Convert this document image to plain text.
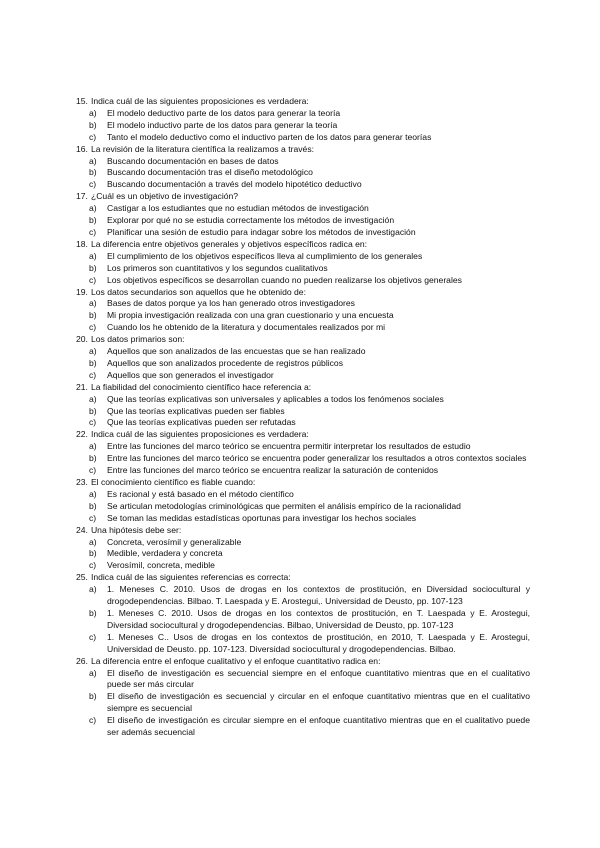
15. Indica cuál de las siguientes proposiciones es verdadera:
a)	El modelo deductivo parte de los datos para generar la teoría
b)	El modelo inductivo parte de los datos para generar la teoría
c)	Tanto el modelo deductivo como el inductivo parten de los datos para generar teorías
16. La revisión de la literatura científica la realizamos a través:
a)	Buscando documentación en bases de datos
b)	Buscando documentación tras el diseño metodológico
c)	Buscando documentación a través del modelo hipotético deductivo
17. ¿Cuál es un objetivo de investigación?
a)	Castigar a los estudiantes que no estudian métodos de investigación
b)	Explorar por qué no se estudia correctamente los métodos de investigación
c)	Planificar una sesión de estudio para indagar sobre los métodos de investigación
18. La diferencia entre objetivos generales y objetivos específicos radica en:
a)	El cumplimiento de los objetivos específicos lleva al cumplimiento de los generales
b)	Los primeros son cuantitativos y los segundos cualitativos
c)	Los objetivos específicos se desarrollan cuando no pueden realizarse los objetivos generales
19. Los datos secundarios son aquellos que he obtenido de:
a)	Bases de datos porque ya los han generado otros investigadores
b)	Mi propia investigación realizada con una gran cuestionario y una encuesta
c)	Cuando los he obtenido de la literatura y documentales realizados por mi
20. Los datos primarios son:
a)	Aquellos que son analizados de las encuestas que se han realizado
b)	Aquellos que son analizados procedente de registros públicos
c)	Aquellos que son generados el investigador
21. La fiabilidad del conocimiento científico hace referencia a:
a)	Que las teorías explicativas son universales y aplicables a todos los fenómenos sociales
b)	Que las teorías explicativas pueden ser fiables
c)	Que las teorías explicativas pueden ser refutadas
22. Indica cuál de las siguientes proposiciones es verdadera:
a)	Entre las funciones del marco teórico se encuentra permitir interpretar los resultados de estudio
b)	Entre las funciones del marco teórico se encuentra poder generalizar los resultados a otros contextos sociales
c)	Entre las funciones del marco teórico se encuentra realizar la saturación de contenidos
23. El conocimiento científico es fiable cuando:
a)	Es racional y está basado en el método científico
b)	Se articulan metodologías criminológicas que permiten el análisis empírico de la racionalidad
c)	Se toman las medidas estadísticas oportunas para investigar los hechos sociales
24. Una hipótesis debe ser:
a)	Concreta, verosímil y generalizable
b)	Medible, verdadera y concreta
c)	Verosímil, concreta, medible
25. Indica cuál de las siguientes referencias es correcta:
a)	1. Meneses C. 2010. Usos de drogas en los contextos de prostitución, en Diversidad sociocultural y drogodependencias. Bilbao. T. Laespada y E. Arostegui,. Universidad de Deusto, pp. 107-123
b)	1. Meneses C. 2010. Usos de drogas en los contextos de prostitución, en T. Laespada y E. Arostegui, Diversidad sociocultural y drogodependencias. Bilbao, Universidad de Deusto, pp. 107-123
c)	1. Meneses C.. Usos de drogas en los contextos de prostitución, en 2010, T. Laespada y E. Arostegui, Universidad de Deusto. pp. 107-123. Diversidad sociocultural y drogodependencias. Bilbao.
26. La diferencia entre el enfoque cualitativo y el enfoque cuantitativo radica en:
a)	El diseño de investigación es secuencial siempre en el enfoque cuantitativo mientras que en el cualitativo puede ser más circular
b)	El diseño de investigación es secuencial y circular en el enfoque cuantitativo mientras que en el cualitativo siempre es secuencial
c)	El diseño de investigación es circular siempre en el enfoque cuantitativo mientras que en el cualitativo puede ser además secuencial
